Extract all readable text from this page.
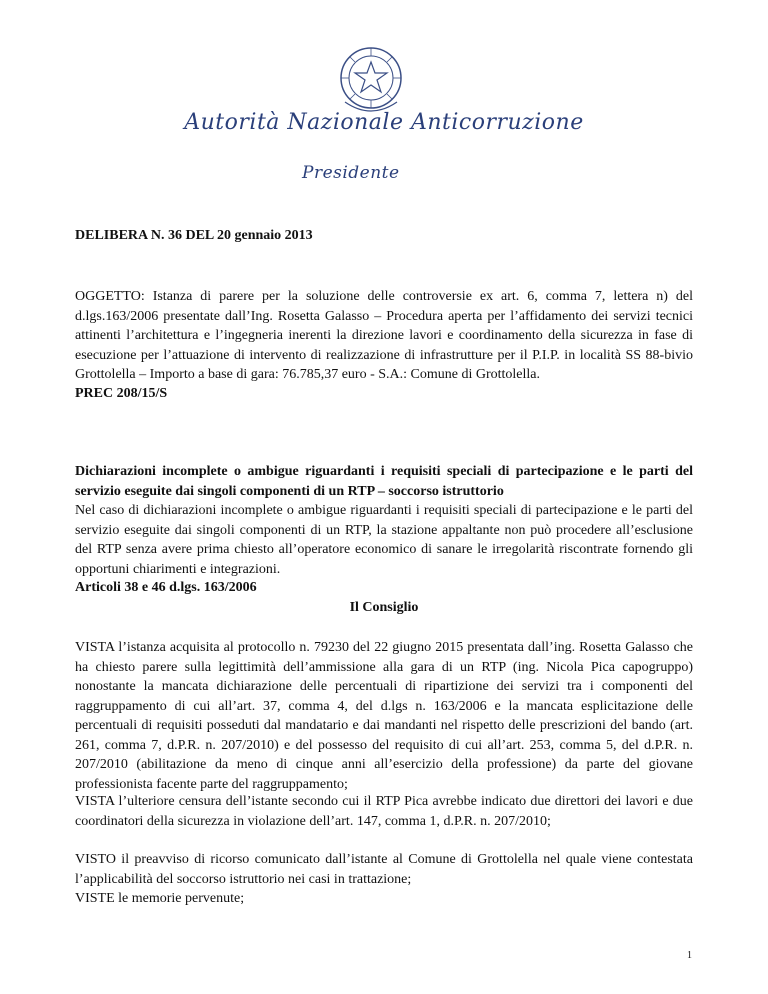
Autorità Nazionale Anticorruzione
Presidente

DELIBERA N. 36 DEL 20 gennaio 2013

OGGETTO: Istanza di parere per la soluzione delle controversie ex art. 6, comma 7, lettera n) del d.lgs.163/2006 presentate dall’Ing. Rosetta Galasso – Procedura aperta per l’affidamento dei servizi tecnici attinenti l’architettura e l’ingegneria inerenti la direzione lavori e coordinamento della sicurezza in fase di esecuzione per l’attuazione di intervento di realizzazione di infrastrutture per il P.I.P. in località SS 88-bivio Grottolella – Importo a base di gara: 76.785,37 euro - S.A.: Comune di Grottolella.

PREC 208/15/S

Dichiarazioni incomplete o ambigue riguardanti i requisiti speciali di partecipazione e le parti del servizio eseguite dai singoli componenti di un RTP – soccorso istruttorio

Nel caso di dichiarazioni incomplete o ambigue riguardanti i requisiti speciali di partecipazione e le parti del servizio eseguite dai singoli componenti di un RTP, la stazione appaltante non può procedere all’esclusione del RTP senza avere prima chiesto all’operatore economico di sanare le irregolarità riscontrate fornendo gli opportuni chiarimenti e integrazioni.

Articoli 38 e 46 d.lgs. 163/2006

Il Consiglio

VISTA l’istanza acquisita al protocollo n. 79230 del 22 giugno 2015 presentata dall’ing. Rosetta Galasso che ha chiesto parere sulla legittimità dell’ammissione alla gara di un RTP (ing. Nicola Pica capogruppo) nonostante la mancata dichiarazione delle percentuali di ripartizione dei servizi tra i componenti del raggruppamento di cui all’art. 37, comma 4, del d.lgs n. 163/2006 e la mancata esplicitazione delle percentuali di requisiti posseduti dal mandatario e dai mandanti nel rispetto delle prescrizioni del bando (art. 261, comma 7, d.P.R. n. 207/2010) e del possesso del requisito di cui all’art. 253, comma 5, del d.P.R. n. 207/2010 (abilitazione da meno di cinque anni all’esercizio della professione) da parte del giovane professionista facente parte del raggruppamento;

VISTA l’ulteriore censura dell’istante secondo cui il RTP Pica avrebbe indicato due direttori dei lavori e due coordinatori della sicurezza in violazione dell’art. 147, comma 1, d.P.R. n. 207/2010;

VISTO il preavviso di ricorso comunicato dall’istante al Comune di Grottolella nel quale viene contestata l’applicabilità del soccorso istruttorio nei casi in trattazione;

VISTE le memorie pervenute;

1
